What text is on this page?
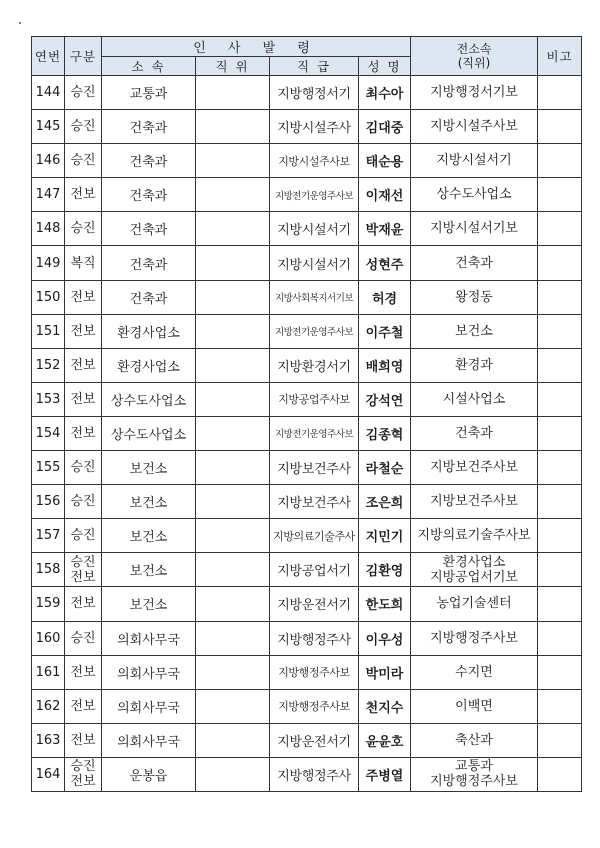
연번	구분	인 사 발 령				전소속
(직위)	비고
		소 속	직 위	직 급	성 명		
144	승진	교통과		지방행정서기	최수아	지방행정서기보	
145	승진	건축과		지방시설주사	김대중	지방시설주사보	
146	승진	건축과		지방시설주사보	태순용	지방시설서기	
147	전보	건축과		지방전기운영주사보	이재선	상수도사업소	
148	승진	건축과		지방시설서기	박재윤	지방시설서기보	
149	복직	건축과		지방시설서기	성현주	건축과	
150	전보	건축과		지방사회복지서기보	허경	왕정동	
151	전보	환경사업소		지방전기운영주사보	이주철	보건소	
152	전보	환경사업소		지방환경서기	배희영	환경과	
153	전보	상수도사업소		지방공업주사보	강석연	시설사업소	
154	전보	상수도사업소		지방전기운영주사보	김종혁	건축과	
155	승진	보건소		지방보건주사	라철순	지방보건주사보	
156	승진	보건소		지방보건주사	조은희	지방보건주사보	
157	승진	보건소		지방의료기술주사	지민기	지방의료기술주사보	
158	승진
전보	보건소		지방공업서기	김환영	환경사업소
지방공업서기보	
159	전보	보건소		지방운전서기	한도희	농업기술센터	
160	승진	의회사무국		지방행정주사	이우성	지방행정주사보	
161	전보	의회사무국		지방행정주사보	박미라	수지면	
162	전보	의회사무국		지방행정주사보	천지수	이백면	
163	전보	의회사무국		지방운전서기	윤윤호	축산과	
164	승진
전보	운봉읍		지방행정주사	주병열	교통과
지방행정주사보	
